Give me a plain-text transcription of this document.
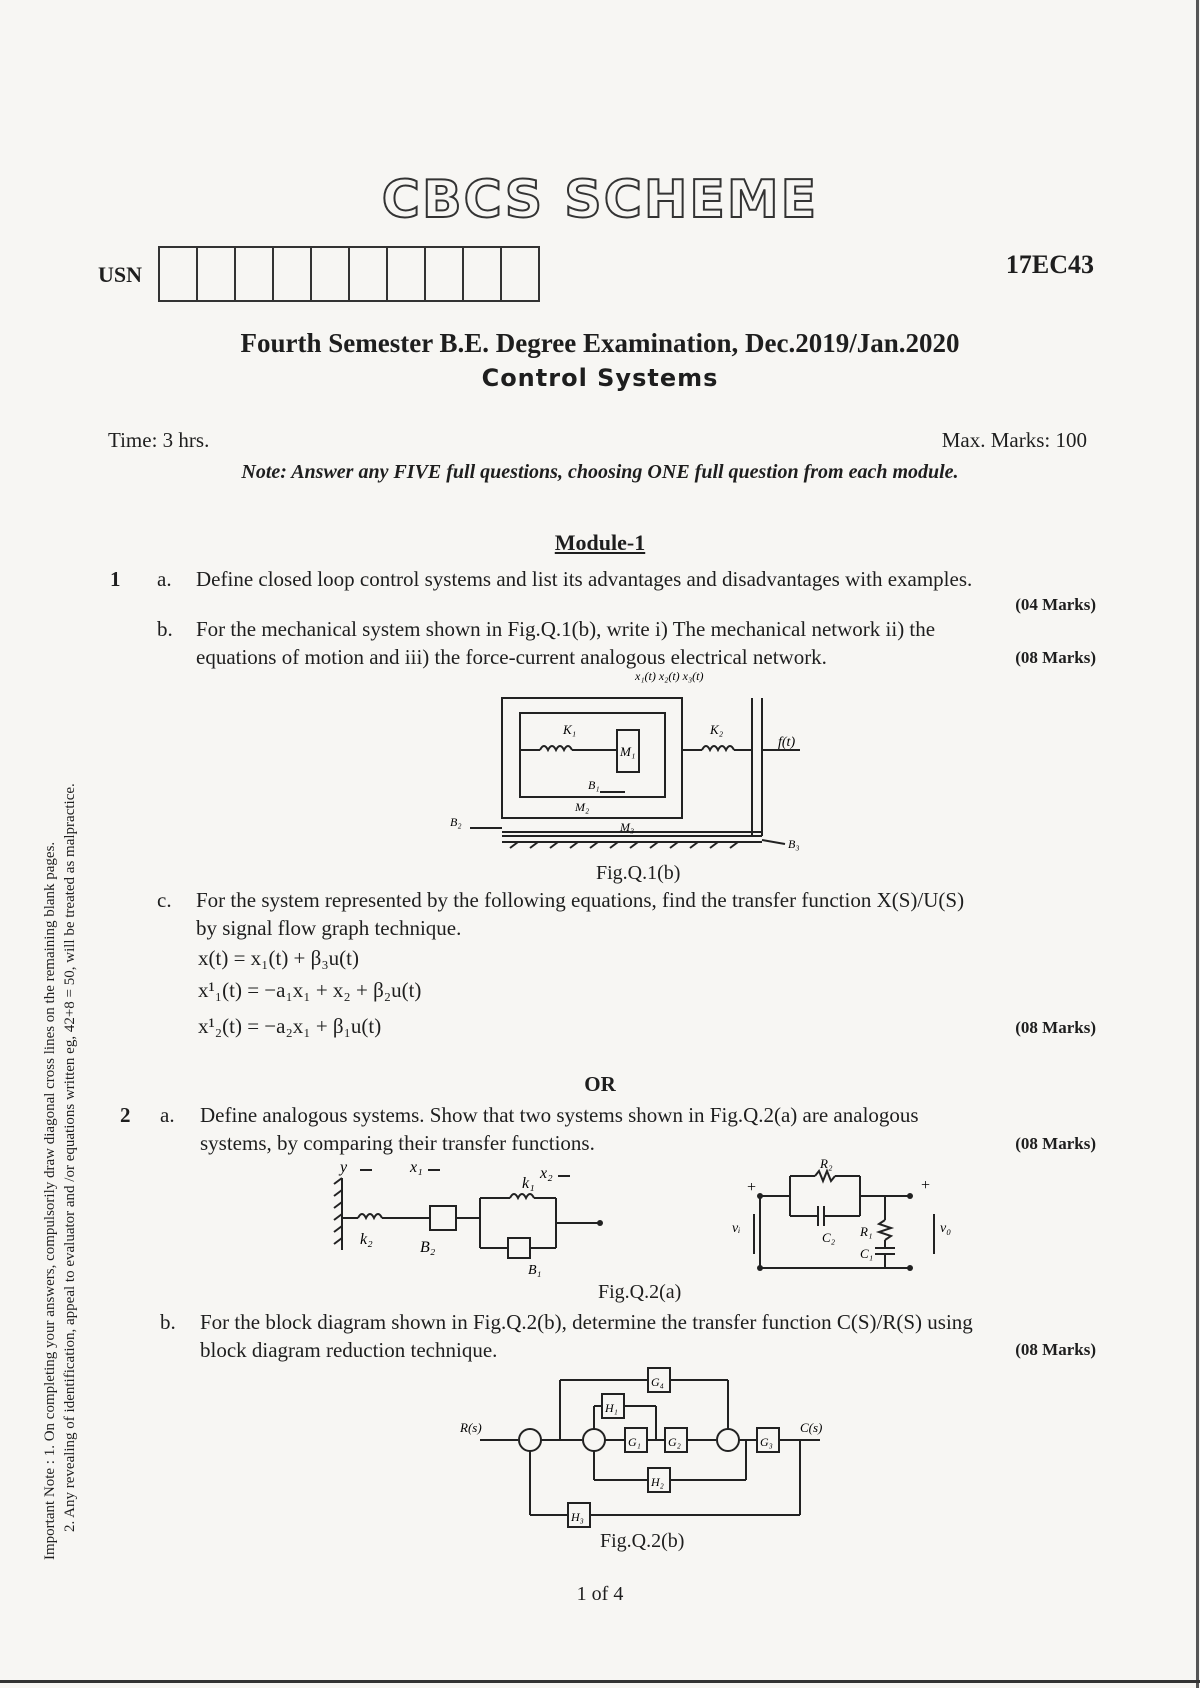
Important Note : 1. On completing your answers, compulsorily draw diagonal cross lines on the remaining blank pages. 2. Any revealing of identification, appeal to evaluator and /or equations written eg, 42+8 = 50, will be treated as malpractice.
CBCS SCHEME
USN	17EC43
Fourth Semester B.E. Degree Examination, Dec.2019/Jan.2020
Control Systems
Time: 3 hrs.	Max. Marks: 100
Note: Answer any FIVE full questions, choosing ONE full question from each module.
Module-1
1 a. Define closed loop control systems and list its advantages and disadvantages with examples.
(04 Marks)
b. For the mechanical system shown in Fig.Q.1(b), write i) The mechanical network ii) the
equations of motion and iii) the force-current analogous electrical network.	(08 Marks)
K₁
M₁
K₂
B₁
M₂
M₃
B₂
B₃
f(t)
x₁(t) x₂(t) x₃(t)
Fig.Q.1(b)
c. For the system represented by the following equations, find the transfer function X(S)/U(S)
by signal flow graph technique.
x(t) = x₁(t) + β₃u(t)
x¹₁(t) = −a₁x₁ + x₂ + β₂u(t)
x¹₂(t) = −a₂x₁ + β₁u(t)	(08 Marks)
OR
2 a. Define analogous systems. Show that two systems shown in Fig.Q.2(a) are analogous
systems, by comparing their transfer functions.	(08 Marks)
y	x₁	x₂
k₂	B₂
k₁
B₁
+	+
vᵢ	v₀
R₂
C₂ R₁
C₁
Fig.Q.2(a)
b. For the block diagram shown in Fig.Q.2(b), determine the transfer function C(S)/R(S) using
block diagram reduction technique.	(08 Marks)
R(s)	C(s)
G₁ G₂	G₃
G₄
H₁
H₂
H₃
Fig.Q.2(b)
1 of 4
